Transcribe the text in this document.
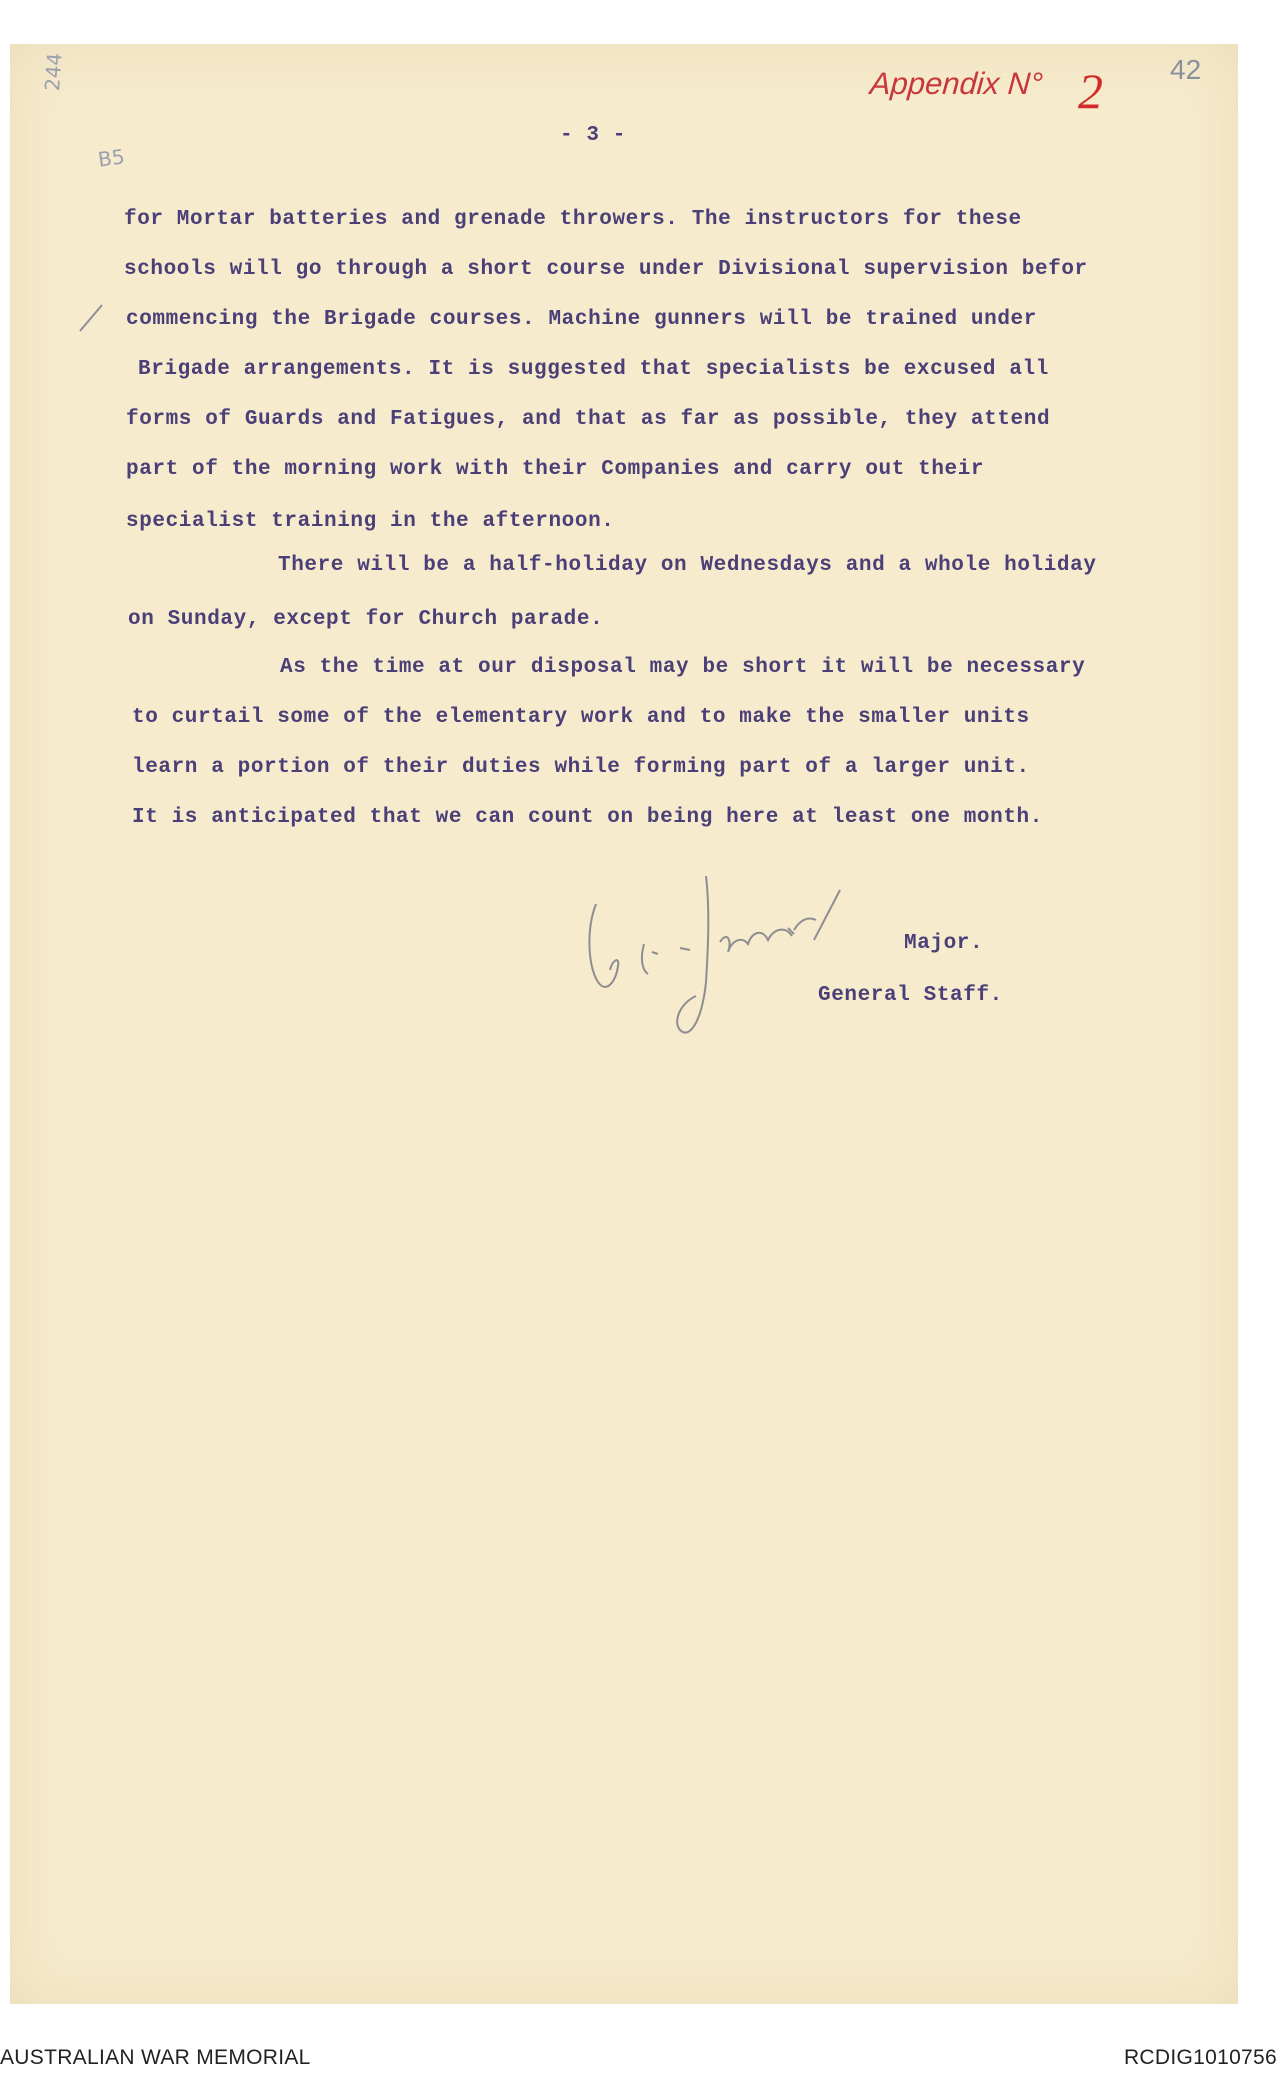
244
B5
Appendix N° 2 42
- 3 -
for Mortar batteries and grenade throwers. The instructors for these
schools will go through a short course under Divisional supervision befor
commencing the Brigade courses. Machine gunners will be trained under
Brigade arrangements. It is suggested that specialists be excused all
forms of Guards and Fatigues, and that as far as possible, they attend
part of the morning work with their Companies and carry out their
specialist training in the afternoon.
There will be a half-holiday on Wednesdays and a whole holiday
on Sunday, except for Church parade.
As the time at our disposal may be short it will be necessary
to curtail some of the elementary work and to make the smaller units
learn a portion of their duties while forming part of a larger unit.
It is anticipated that we can count on being here at least one month.
Major.
General Staff.
AUSTRALIAN WAR MEMORIAL	RCDIG1010756
